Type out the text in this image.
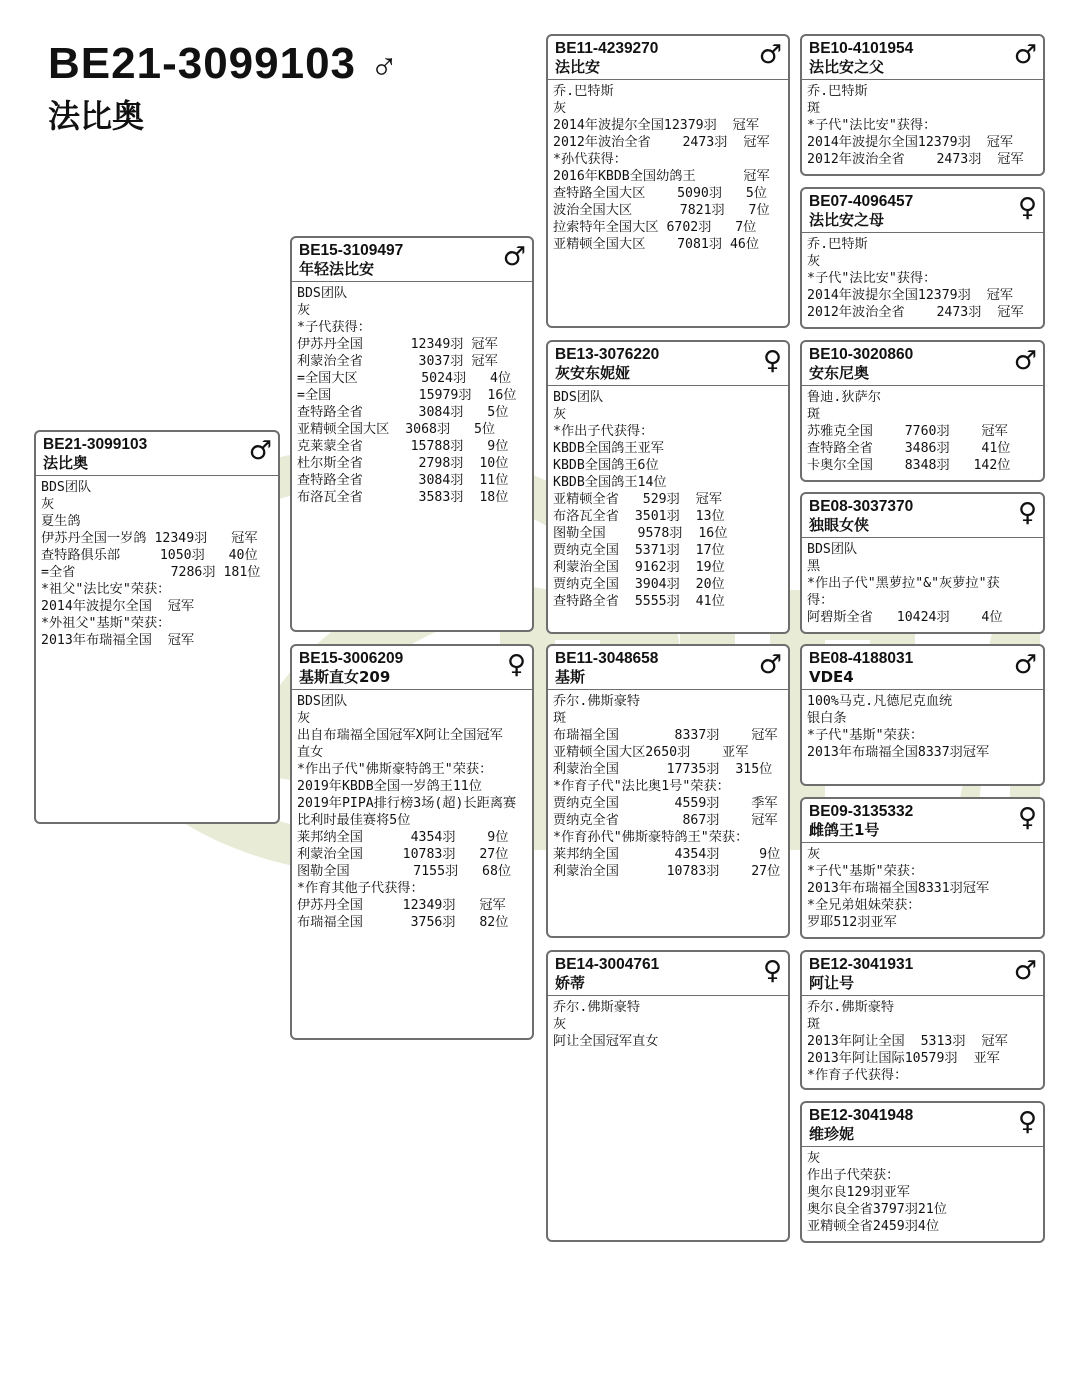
BE21-3099103 ♂
法比奥
BE21-3099103
法比奥	♂
BDS团队
灰
夏生鸽
伊苏丹全国一岁鸽 12349羽   冠军
查特路俱乐部     1050羽   40位
=全省            7286羽 181位
*祖父"法比安"荣获：
2014年波提尔全国  冠军
*外祖父"基斯"荣获：
2013年布瑞福全国  冠军
BE15-3109497
年轻法比安	♂
BDS团队
灰
*子代获得：
伊苏丹全国      12349羽 冠军
利蒙治全省       3037羽 冠军
=全国大区        5024羽   4位
=全国           15979羽  16位
查特路全省       3084羽   5位
亚精顿全国大区  3068羽   5位
克莱蒙全省      15788羽   9位
杜尔斯全省       2798羽  10位
查特路全省       3084羽  11位
布洛瓦全省       3583羽  18位
BE15-3006209
基斯直女209	♀
BDS团队
灰
出自布瑞福全国冠军X阿让全国冠军
直女
*作出子代"佛斯豪特鸽王"荣获：
2019年KBDB全国一岁鸽王11位
2019年PIPA排行榜3场(超)长距离赛
比利时最佳赛将5位
莱邦纳全国      4354羽    9位
利蒙治全国     10783羽   27位
图勒全国        7155羽   68位
*作育其他子代获得：
伊苏丹全国     12349羽   冠军
布瑞福全国      3756羽   82位
BE11-4239270
法比安	♂
乔.巴特斯
灰
2014年波提尔全国12379羽  冠军
2012年波治全省    2473羽  冠军
*孙代获得：
2016年KBDB全国幼鸽王      冠军
查特路全国大区    5090羽   5位
波治全国大区      7821羽   7位
拉索特年全国大区 6702羽   7位
亚精顿全国大区    7081羽 46位
BE13-3076220
灰安东妮娅	♀
BDS团队
灰
*作出子代获得：
KBDB全国鸽王亚军
KBDB全国鸽王6位
KBDB全国鸽王14位
亚精顿全省   529羽  冠军
布洛瓦全省  3501羽  13位
图勒全国    9578羽  16位
贾纳克全国  5371羽  17位
利蒙治全国  9162羽  19位
贾纳克全国  3904羽  20位
查特路全省  5555羽  41位
BE11-3048658
基斯	♂
乔尔.佛斯豪特
斑
布瑞福全国       8337羽    冠军
亚精顿全国大区2650羽    亚军
利蒙治全国      17735羽  315位
*作育子代"法比奥1号"荣获：
贾纳克全国       4559羽    季军
贾纳克全省        867羽    冠军
*作育孙代"佛斯豪特鸽王"荣获：
莱邦纳全国       4354羽     9位
利蒙治全国      10783羽    27位
BE14-3004761
娇蒂	♀
乔尔.佛斯豪特
灰
阿让全国冠军直女
BE10-4101954
法比安之父	♂
乔.巴特斯
斑
*子代"法比安"获得：
2014年波提尔全国12379羽  冠军
2012年波治全省    2473羽  冠军
BE07-4096457
法比安之母	♀
乔.巴特斯
灰
*子代"法比安"获得：
2014年波提尔全国12379羽  冠军
2012年波治全省    2473羽  冠军
BE10-3020860
安东尼奥	♂
鲁迪.狄萨尔
斑
苏雅克全国    7760羽    冠军
查特路全省    3486羽    41位
卡奥尔全国    8348羽   142位
BE08-3037370
独眼女侠	♀
BDS团队
黑
*作出子代"黑萝拉"&"灰萝拉"获
得：
阿碧斯全省   10424羽    4位
BE08-4188031
VDE4	♂
100%马克.凡德尼克血统
银白条
*子代"基斯"荣获：
2013年布瑞福全国8337羽冠军
BE09-3135332
雌鸽王1号	♀
灰
*子代"基斯"荣获：
2013年布瑞福全国8331羽冠军
*全兄弟姐妹荣获：
罗耶512羽亚军
BE12-3041931
阿让号	♂
乔尔.佛斯豪特
斑
2013年阿让全国  5313羽  冠军
2013年阿让国际10579羽  亚军
*作育子代获得：
BE12-3041948
维珍妮	♀
灰
作出子代荣获：
奥尔良129羽亚军
奥尔良全省3797羽21位
亚精顿全省2459羽4位
